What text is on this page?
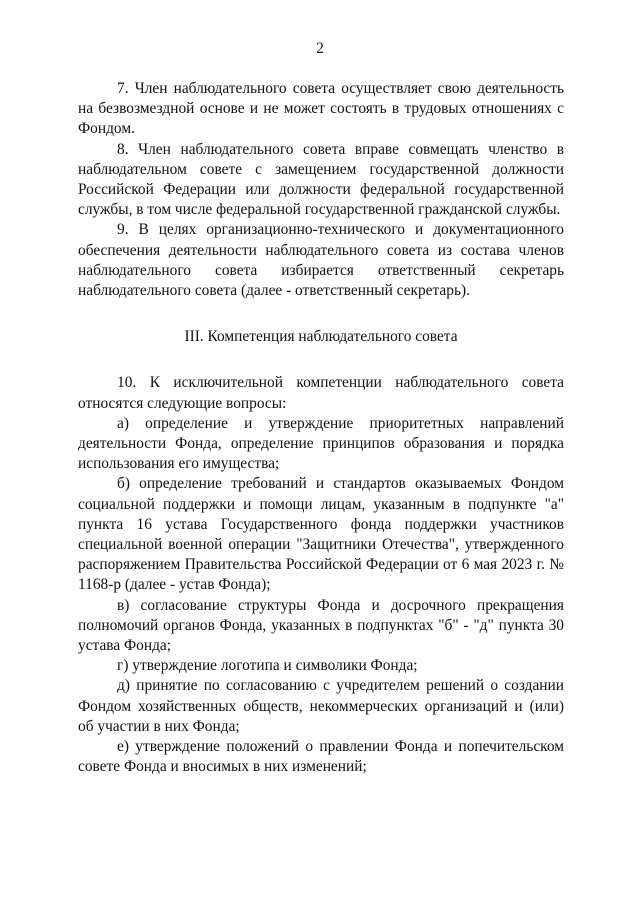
2

7. Член наблюдательного совета осуществляет свою деятельность на безвозмездной основе и не может состоять в трудовых отношениях с Фондом.

8. Член наблюдательного совета вправе совмещать членство в наблюдательном совете с замещением государственной должности Российской Федерации или должности федеральной государственной службы, в том числе федеральной государственной гражданской службы.

9. В целях организационно-технического и документационного обеспечения деятельности наблюдательного совета из состава членов наблюдательного совета избирается ответственный секретарь наблюдательного совета (далее - ответственный секретарь).

III. Компетенция наблюдательного совета

10. К исключительной компетенции наблюдательного совета относятся следующие вопросы:

а) определение и утверждение приоритетных направлений деятельности Фонда, определение принципов образования и порядка использования его имущества;

б) определение требований и стандартов оказываемых Фондом социальной поддержки и помощи лицам, указанным в подпункте "а" пункта 16 устава Государственного фонда поддержки участников специальной военной операции "Защитники Отечества", утвержденного распоряжением Правительства Российской Федерации от 6 мая 2023 г. № 1168-р (далее - устав Фонда);

в) согласование структуры Фонда и досрочного прекращения полномочий органов Фонда, указанных в подпунктах "б" - "д" пункта 30 устава Фонда;

г) утверждение логотипа и символики Фонда;

д) принятие по согласованию с учредителем решений о создании Фондом хозяйственных обществ, некоммерческих организаций и (или) об участии в них Фонда;

е) утверждение положений о правлении Фонда и попечительском совете Фонда и вносимых в них изменений;
